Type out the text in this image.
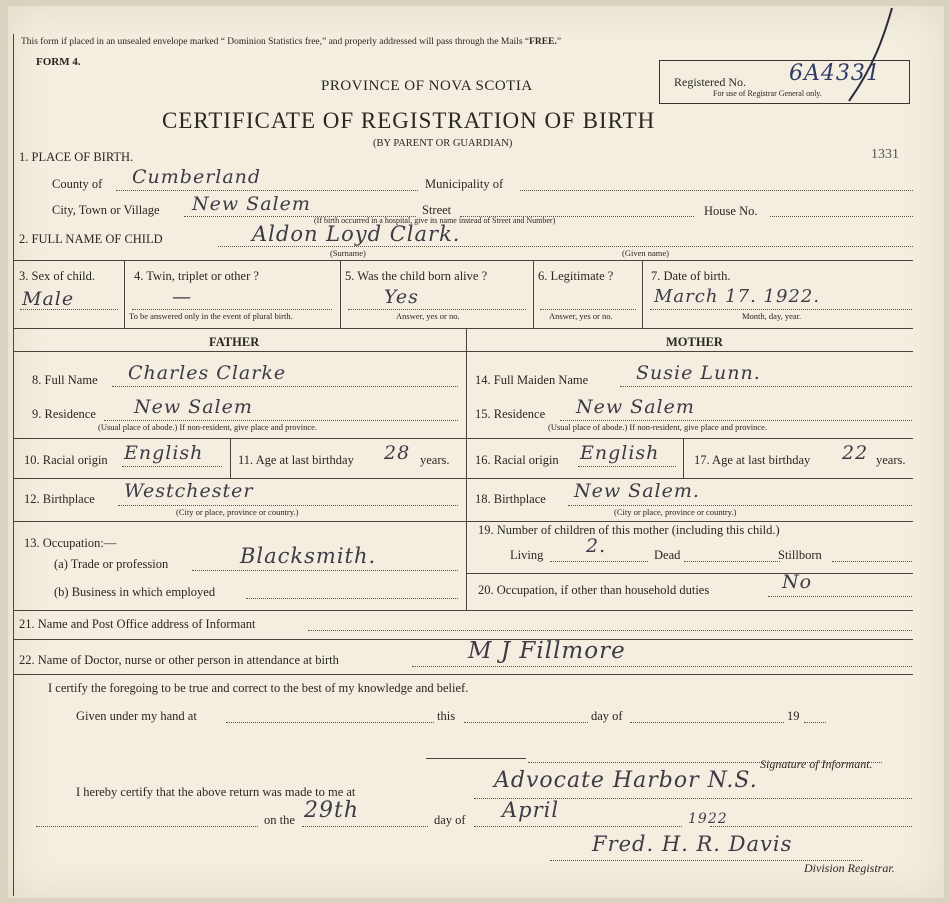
This form if placed in an unsealed envelope marked “ Dominion Statistics free,” and properly addressed will pass through the Mails “FREE.”
FORM 4.
PROVINCE OF NOVA SCOTIA
CERTIFICATE OF REGISTRATION OF BIRTH
(BY PARENT OR GUARDIAN)
Registered No. 6A4331
For use of Registrar General only.
1331
1. PLACE OF BIRTH.
County of Cumberland	Municipality of
City, Town or Village New Salem	Street	House No.
(If birth occurred in a hospital, give its name instead of Street and Number)
2. FULL NAME OF CHILD	Aldon Loyd Clark.
(Surname)	(Given name)
3. Sex of child.
Male
4. Twin, triplet or other ?
—
To be answered only in the event of plural birth.
5. Was the child born alive ?
Yes
Answer, yes or no.
6. Legitimate ?
Answer, yes or no.
7. Date of birth.
March 17. 1922.
Month, day, year.
FATHER	MOTHER
8. Full Name Charles Clarke	14. Full Maiden Name	Susie Lunn.
9. Residence New Salem
(Usual place of abode.) If non-resident, give place and province.
15. Residence New Salem
(Usual place of abode.) If non-resident, give place and province.
10. Racial origin English	11. Age at last birthday 28 years. 16. Racial origin English	17. Age at last birthday 22 years.
12. Birthplace Westchester
(City or place, province or country.)
18. Birthplace New Salem.
(City or place, province or country.)
13. Occupation:—
(a) Trade or profession	Blacksmith.
(b) Business in which employed
19. Number of children of this mother (including this child.)
Living 2.	Dead	Stillborn
20. Occupation, if other than household duties	No
21. Name and Post Office address of Informant
22. Name of Doctor, nurse or other person in attendance at birth	M J Fillmore
I certify the foregoing to be true and correct to the best of my knowledge and belief.
Given under my hand at	this	day of	19
Signature of Informant.
I hereby certify that the above return was made to me at	Advocate Harbor N.S.
on the 29th	day of April	1922
Fred. H. R. Davis
Division Registrar.
